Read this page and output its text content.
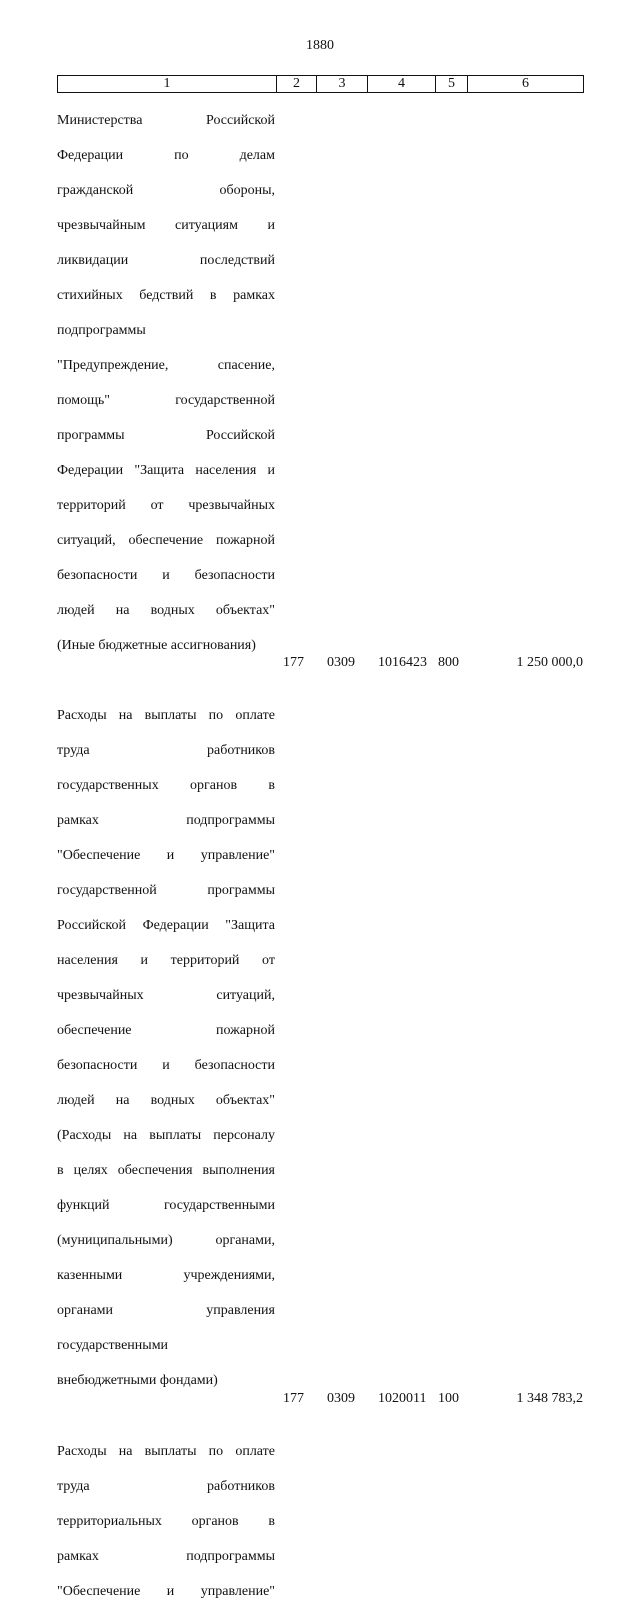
1880
1	2	3	4	5	6

Министерства Российской

Федерации по делам

гражданской обороны,

чрезвычайным ситуациям и

ликвидации последствий

стихийных бедствий в рамках

подпрограммы

"Предупреждение, спасение,

помощь" государственной

программы Российской

Федерации "Защита населения и

территорий от чрезвычайных

ситуаций, обеспечение пожарной

безопасности и безопасности

людей на водных объектах"

(Иные бюджетные ассигнования)

177 0309 1016423 800	1 250 000,0

Расходы на выплаты по оплате

труда работников

государственных органов в

рамках подпрограммы

"Обеспечение и управление"

государственной программы

Российской Федерации "Защита

населения и территорий от

чрезвычайных ситуаций,

обеспечение пожарной

безопасности и безопасности

людей на водных объектах"

(Расходы на выплаты персоналу

в целях обеспечения выполнения

функций государственными

(муниципальными) органами,

казенными учреждениями,

органами управления

государственными

внебюджетными фондами)

177 0309 1020011 100	1 348 783,2

Расходы на выплаты по оплате

труда работников

территориальных органов в

рамках подпрограммы

"Обеспечение и управление"
